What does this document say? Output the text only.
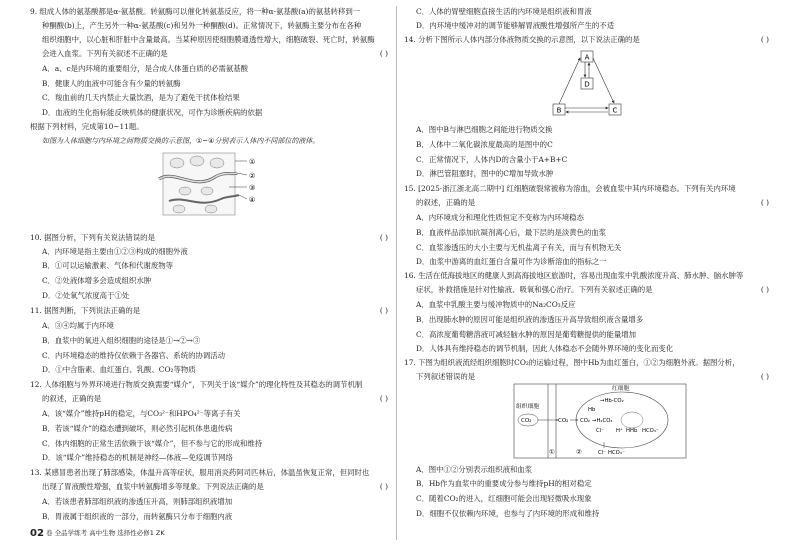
9. 组成人体的氨基酸都是α-氨基酸。转氨酶可以催化转氨基反应，将一种α-氨基酸(a)的氨基转移到一
种酮酸(b)上，产生另外一种α-氨基酸(c)和另外一种酮酸(d)。正常情况下，转氨酶主要分布在各种
组织细胞中，以心脏和肝脏中含量最高。当某种原因使细胞膜通透性增大，细胞破裂、死亡时，转氨酶
会进入血浆。下列有关叙述不正确的是	( )
A．a、c是内环境的重要组分，是合成人体蛋白质的必需氨基酸
B．健康人的血液中可能含有少量的转氨酶
C．羧血前的几天内禁止大量饮酒，是为了避免干扰体检结果
D．血液的生化指标能反映机体的健康状况，可作为诊断疾病的依据
根据下列材料，完成第10~11题。
如图为人体细胞与内环境之间物质交换的示意图，①~④分别表示人体内不同部位的液体。
①
②
③
④
10. 据图分析，下列有关说法错误的是	( )
A．内环境是指主要由①②③构成的细胞外液
B．①可以运输激素、气体和代谢废物等
C．②处液体增多会造成组织水肿
D．②处氧气浓度高于①处
11. 据图判断，下列说法正确的是	( )
A．③④均属于内环境
B．血浆中的氧进入组织细胞的途径是①→②→③
C．内环境稳态的维持仅依赖于各器官、系统的协调活动
D．①中含脂素、血红蛋白、乳酸、CO₂等物质
12. 人体细胞与外界环境进行物质交换需要“媒介”，下列关于该“媒介”的理化特性及其稳态的调节机制
的叙述，正确的是	( )
A．该“媒介”维持pH的稳定，与CO₃²⁻和HPO₄²⁻等离子有关
B．若该“媒介”的稳态遭到破坏，则必然引起机体患遗传病
C．体内细胞的正常生活依赖于该“媒介”，但不参与它的形成和维持
D．该“媒介”维持稳态的机制是神经—体液—免疫调节网络
13. 某感冒患者出现了肺部感染，体温升高等症状，服用消炎药阿司匹林后，体温虽恢复正常，但同时也
出现了胃液酸性增强，血浆中转氨酶增多等现象。下列说法正确的是	( )
A．若该患者肺部组织液的渗透压升高，则肺部组织液增加
B．胃液属于组织液的一部分，而转氨酶只分布于细胞内液
C．人体的胃壁细胞直接生活的内环境是组织液和胃液
D．内环境中缓冲对的调节能够解胃液酸性增强所产生的不适
14. 分析下图所示人体内部分体液物质交换的示意图，以下说法正确的是	( )
A
B	C
D
A．图中B与淋巴细胞之间能进行物质交换
B．人体中二氧化碳浓度最高的是图中的C
C．正常情况下，人体内D的含量小于A+B+C
D．淋巴管阻塞时，图中的C增加导致水肿
15. [2025·浙江浙北高二期中] 红细胞破裂常被称为溶血，会被血浆中其内环境稳态。下列有关内环境
的叙述，正确的是	( )
A．内环境成分和理化性质恒定不变称为内环境稳态
B．血液样品添加抗凝剂离心后，最下层的是淡黄色的血浆
C．血浆渗透压的大小主要与无机盐离子有关，而与有机物无关
D．血浆中游离的血红蛋白含量可作为诊断溶血的指标之一
16. 生活在低海拔地区的健康人到高海拔地区旅游时，容易出现血浆中乳酸浓度升高、肺水肿、脑水肿等
症状，补救措施是针对性输液、吸氧和强心治疗。下列有关叙述正确的是	( )
A．血浆中乳酸主要与缓冲物质中的Na₂CO₃反应
B．出现肺水肿的原因可能是组织液的渗透压升高导致组织液含量增多
C．高浓度葡萄糖溶液可减轻脑水肿的原因是葡萄糖提供的能量增加
D．人体具有维持稳态的调节机制，因此人体稳态不会随外界环境的变化而变化
17. 下图为组织液流经组织细胞时CO₂的运输过程，图中Hb为血红蛋白，①②为细胞外液。据图分析，
下列叙述错误的是	( )
组织细胞
CO₂	CO₂
红细胞
→Hb-CO₂
Hb
CO₂ →H₂CO₃
H⁺ HHb HCO₃⁻
Cl⁻
Cl⁻ HCO₃⁻
①	②
A．图中①②分别表示组织液和血浆
B．Hb作为血浆中的重要成分参与维持pH的相对稳定
C．随着CO₂的进入，红细胞可能会出现轻微吸水现象
D．细胞不仅依赖内环境，也参与了内环境的形成和维持
02 卷 全品学练考 高中生物 选择性必修1 ZK
